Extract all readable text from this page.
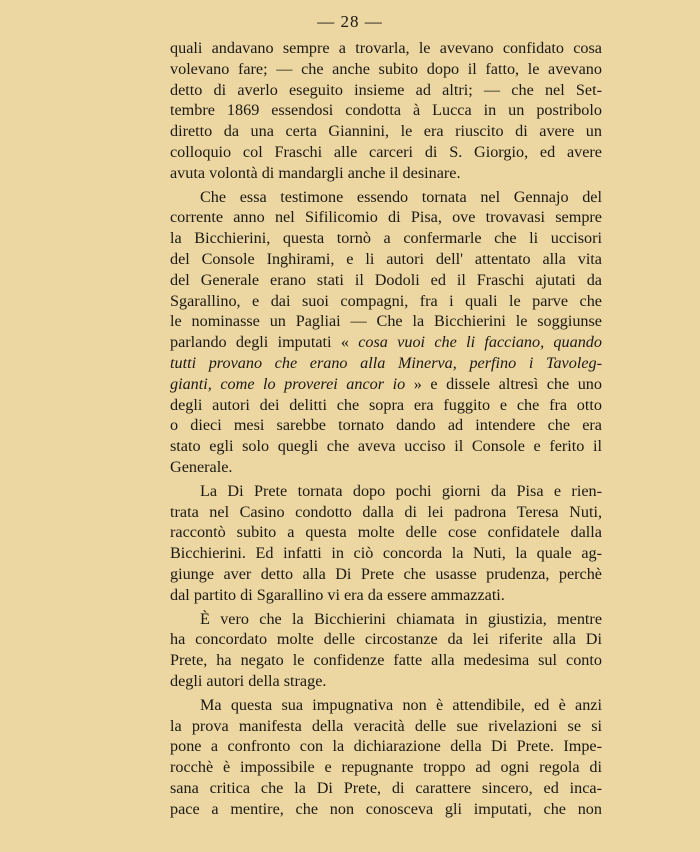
— 28 —
quali andavano sempre a trovarla, le avevano confidato cosa
volevano fare; — che anche subito dopo il fatto, le avevano
detto di averlo eseguito insieme ad altri; — che nel Set-
tembre 1869 essendosi condotta à Lucca in un postribolo
diretto da una certa Giannini, le era riuscito di avere un
colloquio col Fraschi alle carceri di S. Giorgio, ed avere
avuta volontà di mandargli anche il desinare.
Che essa testimone essendo tornata nel Gennajo del
corrente anno nel Sifilicomio di Pisa, ove trovavasi sempre
la Bicchierini, questa tornò a confermarle che li uccisori
del Console Inghirami, e li autori dell' attentato alla vita
del Generale erano stati il Dodoli ed il Fraschi ajutati da
Sgarallino, e dai suoi compagni, fra i quali le parve che
le nominasse un Pagliai — Che la Bicchierini le soggiunse
parlando degli imputati « cosa vuoi che li facciano, quando
tutti provano che erano alla Minerva, perfino i Tavoleg-
gianti, come lo proverei ancor io » e dissele altresì che uno
degli autori dei delitti che sopra era fuggito e che fra otto
o dieci mesi sarebbe tornato dando ad intendere che era
stato egli solo quegli che aveva ucciso il Console e ferito il
Generale.
La Di Prete tornata dopo pochi giorni da Pisa e rien-
trata nel Casino condotto dalla di lei padrona Teresa Nuti,
raccontò subito a questa molte delle cose confidatele dalla
Bicchierini. Ed infatti in ciò concorda la Nuti, la quale ag-
giunge aver detto alla Di Prete che usasse prudenza, perchè
dal partito di Sgarallino vi era da essere ammazzati.
È vero che la Bicchierini chiamata in giustizia, mentre
ha concordato molte delle circostanze da lei riferite alla Di
Prete, ha negato le confidenze fatte alla medesima sul conto
degli autori della strage.
Ma questa sua impugnativa non è attendibile, ed è anzi
la prova manifesta della veracità delle sue rivelazioni se si
pone a confronto con la dichiarazione della Di Prete. Impe-
rocchè è impossibile e repugnante troppo ad ogni regola di
sana critica che la Di Prete, di carattere sincero, ed inca-
pace a mentire, che non conosceva gli imputati, che non
